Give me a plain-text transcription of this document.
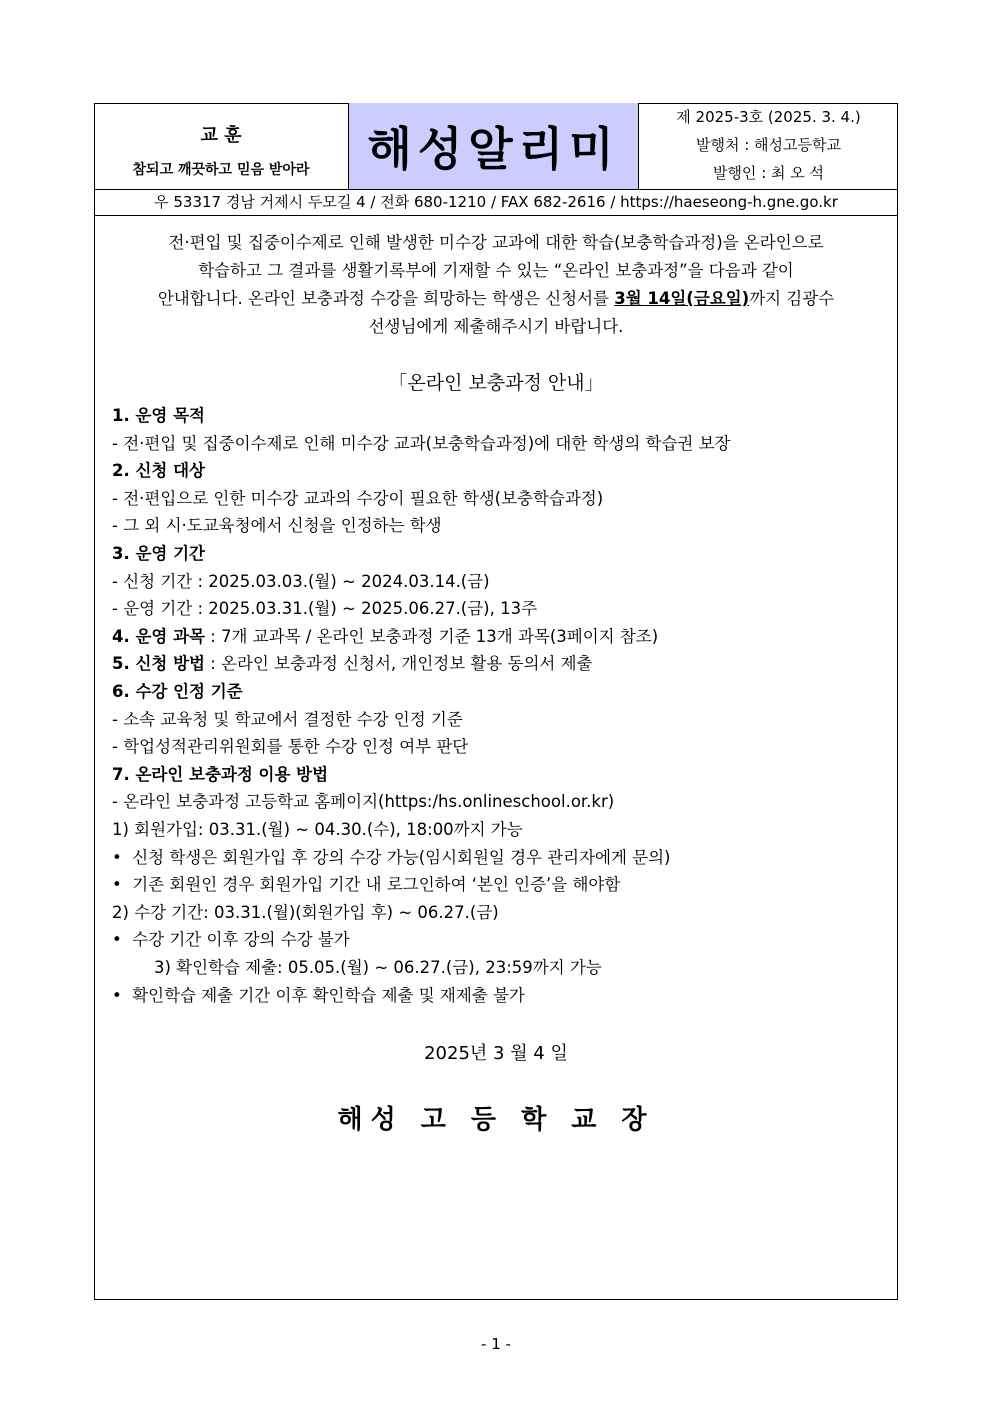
교 훈
참되고 깨끗하고 믿음 받아라	해성알리미
제 2025-3호 (2025. 3. 4.)
발행처 : 해성고등학교
발행인 : 최 오 석
우 53317 경남 거제시 두모길 4 / 전화 680-1210 / FAX 682-2616 / https://haeseong-h.gne.go.kr
전·편입 및 집중이수제로 인해 발생한 미수강 교과에 대한 학습(보충학습과정)을 온라인으로
학습하고 그 결과를 생활기록부에 기재할 수 있는 “온라인 보충과정”을 다음과 같이
안내합니다. 온라인 보충과정 수강을 희망하는 학생은 신청서를 3월 14일(금요일)까지 김광수
선생님에게 제출해주시기 바랍니다.
「온라인 보충과정 안내」
1. 운영 목적
- 전·편입 및 집중이수제로 인해 미수강 교과(보충학습과정)에 대한 학생의 학습권 보장
2. 신청 대상
- 전·편입으로 인한 미수강 교과의 수강이 필요한 학생(보충학습과정)
- 그 외 시·도교육청에서 신청을 인정하는 학생
3. 운영 기간
- 신청 기간 : 2025.03.03.(월) ~ 2024.03.14.(금)
- 운영 기간 : 2025.03.31.(월) ~ 2025.06.27.(금), 13주
4. 운영 과목 : 7개 교과목 / 온라인 보충과정 기준 13개 과목(3페이지 참조)
5. 신청 방법 : 온라인 보충과정 신청서, 개인정보 활용 동의서 제출
6. 수강 인정 기준
- 소속 교육청 및 학교에서 결정한 수강 인정 기준
- 학업성적관리위원회를 통한 수강 인정 여부 판단
7. 온라인 보충과정 이용 방법
- 온라인 보충과정 고등학교 홈페이지(https:/hs.onlineschool.or.kr)
1) 회원가입: 03.31.(월) ~ 04.30.(수), 18:00까지 가능
•  신청 학생은 회원가입 후 강의 수강 가능(임시회원일 경우 관리자에게 문의)
•  기존 회원인 경우 회원가입 기간 내 로그인하여 ‘본인 인증’을 해야함
2) 수강 기간: 03.31.(월)(회원가입 후) ~ 06.27.(금)
•  수강 기간 이후 강의 수강 불가
3) 확인학습 제출: 05.05.(월) ~ 06.27.(금), 23:59까지 가능
•  확인학습 제출 기간 이후 확인학습 제출 및 재제출 불가
2025년 3 월 4 일
해성 고 등 학 교 장
- 1 -
